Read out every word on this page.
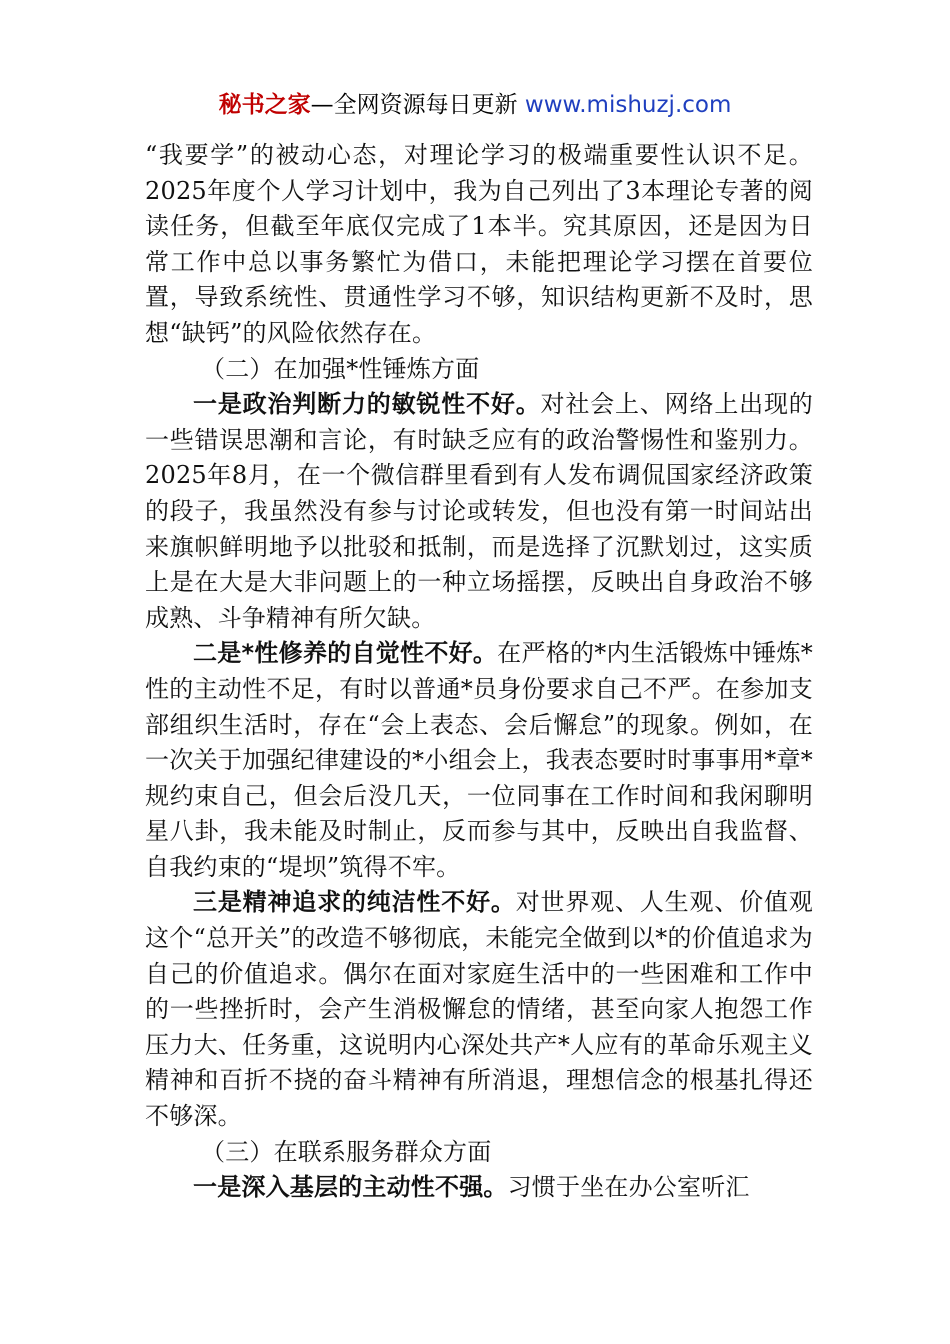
秘书之家—全网资源每日更新 www.mishuzj.com

“我要学”的被动心态，对理论学习的极端重要性认识不足。2025年度个人学习计划中，我为自己列出了3本理论专著的阅读任务，但截至年底仅完成了1本半。究其原因，还是因为日常工作中总以事务繁忙为借口，未能把理论学习摆在首要位置，导致系统性、贯通性学习不够，知识结构更新不及时，思想“缺钙”的风险依然存在。

（二）在加强*性锤炼方面

一是政治判断力的敏锐性不好。对社会上、网络上出现的一些错误思潮和言论，有时缺乏应有的政治警惕性和鉴别力。2025年8月，在一个微信群里看到有人发布调侃国家经济政策的段子，我虽然没有参与讨论或转发，但也没有第一时间站出来旗帜鲜明地予以批驳和抵制，而是选择了沉默划过，这实质上是在大是大非问题上的一种立场摇摆，反映出自身政治不够成熟、斗争精神有所欠缺。

二是*性修养的自觉性不好。在严格的*内生活锻炼中锤炼*性的主动性不足，有时以普通*员身份要求自己不严。在参加支部组织生活时，存在“会上表态、会后懈怠”的现象。例如，在一次关于加强纪律建设的*小组会上，我表态要时时事事用*章*规约束自己，但会后没几天，一位同事在工作时间和我闲聊明星八卦，我未能及时制止，反而参与其中，反映出自我监督、自我约束的“堤坝”筑得不牢。

三是精神追求的纯洁性不好。对世界观、人生观、价值观这个“总开关”的改造不够彻底，未能完全做到以*的价值追求为自己的价值追求。偶尔在面对家庭生活中的一些困难和工作中的一些挫折时，会产生消极懈怠的情绪，甚至向家人抱怨工作压力大、任务重，这说明内心深处共产*人应有的革命乐观主义精神和百折不挠的奋斗精神有所消退，理想信念的根基扎得还不够深。

（三）在联系服务群众方面

一是深入基层的主动性不强。习惯于坐在办公室听汇
